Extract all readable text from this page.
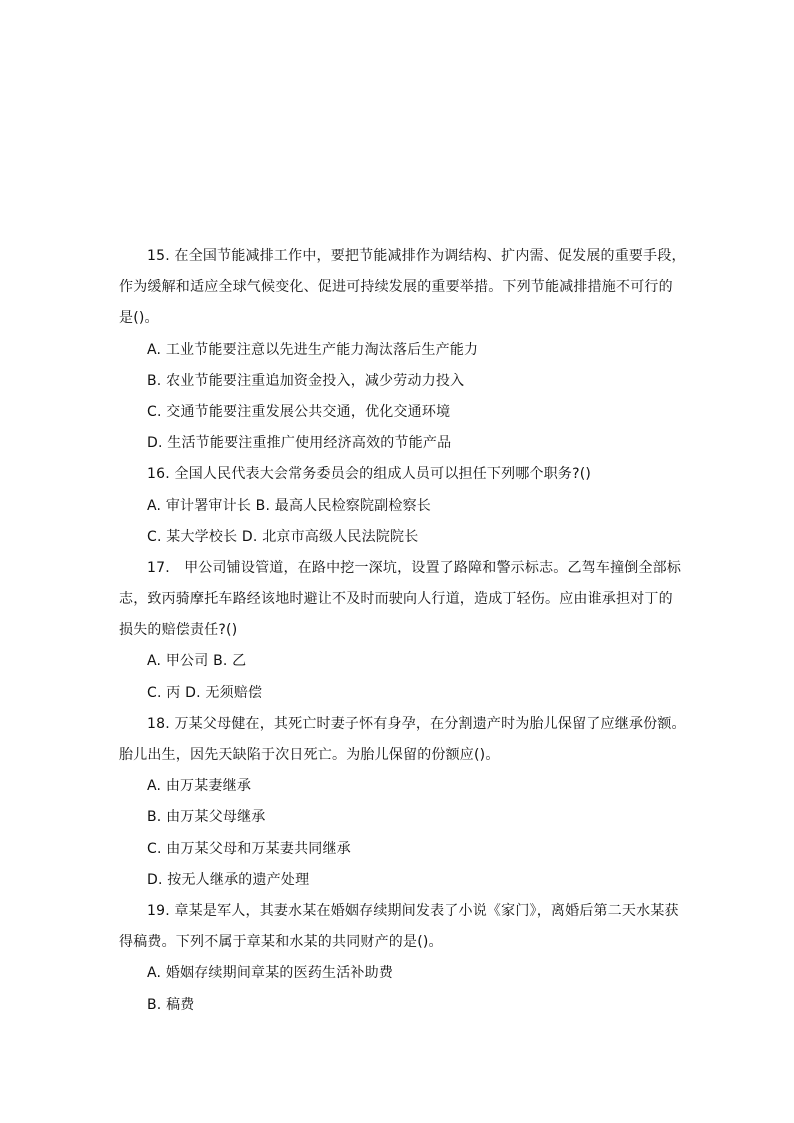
15. 在全国节能减排工作中，要把节能减排作为调结构、扩内需、促发展的重要手段，
作为缓解和适应全球气候变化、促进可持续发展的重要举措。下列节能减排措施不可行的
是()。
A. 工业节能要注意以先进生产能力淘汰落后生产能力
B. 农业节能要注重追加资金投入，减少劳动力投入
C. 交通节能要注重发展公共交通，优化交通环境
D. 生活节能要注重推广使用经济高效的节能产品
16. 全国人民代表大会常务委员会的组成人员可以担任下列哪个职务?()
A. 审计署审计长 B. 最高人民检察院副检察长
C. 某大学校长 D. 北京市高级人民法院院长
17.　甲公司铺设管道，在路中挖一深坑，设置了路障和警示标志。乙驾车撞倒全部标
志，致丙骑摩托车路经该地时避让不及时而驶向人行道，造成丁轻伤。应由谁承担对丁的
损失的赔偿责任?()
A. 甲公司 B. 乙
C. 丙 D. 无须赔偿
18. 万某父母健在，其死亡时妻子怀有身孕，在分割遗产时为胎儿保留了应继承份额。
胎儿出生，因先天缺陷于次日死亡。为胎儿保留的份额应()。
A. 由万某妻继承
B. 由万某父母继承
C. 由万某父母和万某妻共同继承
D. 按无人继承的遗产处理
19. 章某是军人，其妻水某在婚姻存续期间发表了小说《家门》，离婚后第二天水某获
得稿费。下列不属于章某和水某的共同财产的是()。
A. 婚姻存续期间章某的医药生活补助费
B. 稿费
